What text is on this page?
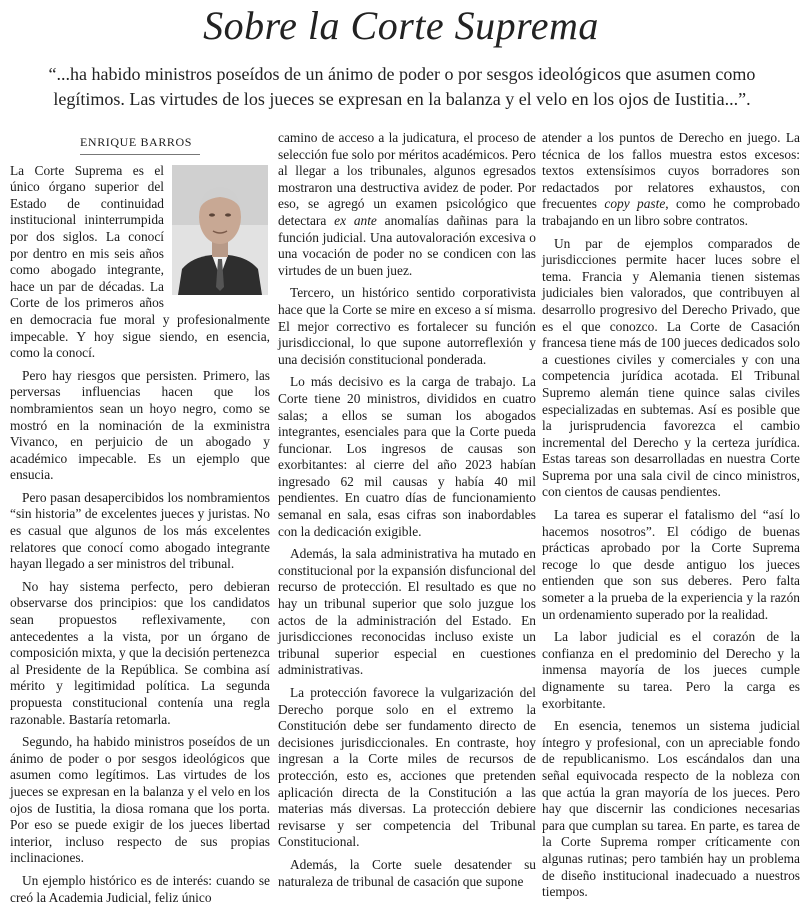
Sobre la Corte Suprema
“...ha habido ministros poseídos de un ánimo de poder o por sesgos ideológicos que asumen como legítimos. Las virtudes de los jueces se expresan en la balanza y el velo en los ojos de Iustitia...”.
ENRIQUE BARROS

La Corte Suprema es el único órgano superior del Estado de continuidad institucional ininterrumpida por dos siglos. La conocí por dentro en mis seis años como abogado integrante, hace un par de décadas. La Corte de los primeros años en democracia fue moral y profesionalmente impecable. Y hoy sigue siendo, en esencia, como la conocí.

Pero hay riesgos que persisten. Primero, las perversas influencias hacen que los nombramientos sean un hoyo negro, como se mostró en la nominación de la exministra Vivanco, en perjuicio de un abogado y académico impecable. Es un ejemplo que ensucia.

Pero pasan desapercibidos los nombramientos “sin historia” de excelentes jueces y juristas. No es casual que algunos de los más excelentes relatores que conocí como abogado integrante hayan llegado a ser ministros del tribunal.

No hay sistema perfecto, pero debieran observarse dos principios: que los candidatos sean propuestos reflexivamente, con antecedentes a la vista, por un órgano de composición mixta, y que la decisión pertenezca al Presidente de la República. Se combina así mérito y legitimidad política. La segunda propuesta constitucional contenía una regla razonable. Bastaría retomarla.

Segundo, ha habido ministros poseídos de un ánimo de poder o por sesgos ideológicos que asumen como legítimos. Las virtudes de los jueces se expresan en la balanza y el velo en los ojos de Iustitia, la diosa romana que los porta. Por eso se puede exigir de los jueces libertad interior, incluso respecto de sus propias inclinaciones.

Un ejemplo histórico es de interés: cuando se creó la Academia Judicial, feliz único

camino de acceso a la judicatura, el proceso de selección fue solo por méritos académicos. Pero al llegar a los tribunales, algunos egresados mostraron una destructiva avidez de poder. Por eso, se agregó un examen psicológico que detectara ex ante anomalías dañinas para la función judicial. Una autovaloración excesiva o una vocación de poder no se condicen con las virtudes de un buen juez.

Tercero, un histórico sentido corporativista hace que la Corte se mire en exceso a sí misma. El mejor correctivo es fortalecer su función jurisdiccional, lo que supone autorreflexión y una decisión constitucional ponderada.

Lo más decisivo es la carga de trabajo. La Corte tiene 20 ministros, divididos en cuatro salas; a ellos se suman los abogados integrantes, esenciales para que la Corte pueda funcionar. Los ingresos de causas son exorbitantes: al cierre del año 2023 habían ingresado 62 mil causas y había 40 mil pendientes. En cuatro días de funcionamiento semanal en sala, esas cifras son inabordables con la dedicación exigible.

Además, la sala administrativa ha mutado en constitucional por la expansión disfuncional del recurso de protección. El resultado es que no hay un tribunal superior que solo juzgue los actos de la administración del Estado. En jurisdicciones reconocidas incluso existe un tribunal superior especial en cuestiones administrativas.

La protección favorece la vulgarización del Derecho porque solo en el extremo la Constitución debe ser fundamento directo de decisiones jurisdiccionales. En contraste, hoy ingresan a la Corte miles de recursos de protección, esto es, acciones que pretenden aplicación directa de la Constitución a las materias más diversas. La protección debiere revisarse y ser competencia del Tribunal Constitucional.

Además, la Corte suele desatender su naturaleza de tribunal de casación que supone

atender a los puntos de Derecho en juego. La técnica de los fallos muestra estos excesos: textos extensísimos cuyos borradores son redactados por relatores exhaustos, con frecuentes copy paste, como he comprobado trabajando en un libro sobre contratos.

Un par de ejemplos comparados de jurisdicciones permite hacer luces sobre el tema. Francia y Alemania tienen sistemas judiciales bien valorados, que contribuyen al desarrollo progresivo del Derecho Privado, que es el que conozco. La Corte de Casación francesa tiene más de 100 jueces dedicados solo a cuestiones civiles y comerciales y con una competencia jurídica acotada. El Tribunal Supremo alemán tiene quince salas civiles especializadas en subtemas. Así es posible que la jurisprudencia favorezca el cambio incremental del Derecho y la certeza jurídica. Estas tareas son desarrolladas en nuestra Corte Suprema por una sala civil de cinco ministros, con cientos de causas pendientes.

La tarea es superar el fatalismo del “así lo hacemos nosotros”. El código de buenas prácticas aprobado por la Corte Suprema recoge lo que desde antiguo los jueces entienden que son sus deberes. Pero falta someter a la prueba de la experiencia y la razón un ordenamiento superado por la realidad.

La labor judicial es el corazón de la confianza en el predominio del Derecho y la inmensa mayoría de los jueces cumple dignamente su tarea. Pero la carga es exorbitante.

En esencia, tenemos un sistema judicial íntegro y profesional, con un apreciable fondo de republicanismo. Los escándalos dan una señal equivocada respecto de la nobleza con que actúa la gran mayoría de los jueces. Pero hay que discernir las condiciones necesarias para que cumplan su tarea. En parte, es tarea de la Corte Suprema romper críticamente con algunas rutinas; pero también hay un problema de diseño institucional inadecuado a nuestros tiempos.
